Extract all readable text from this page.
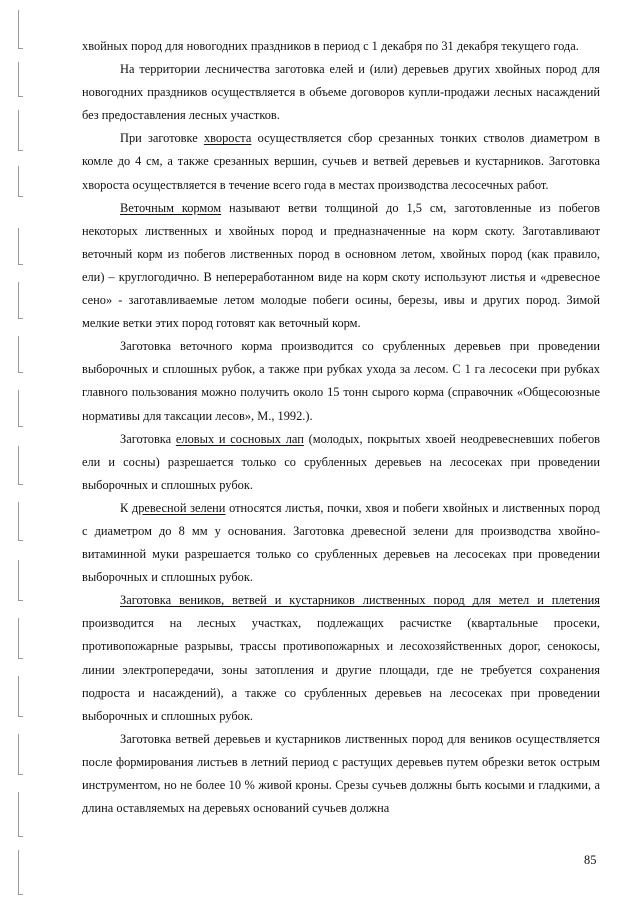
хвойных пород для новогодних праздников в период с 1 декабря по 31 декабря текущего года.

На территории лесничества заготовка елей и (или) деревьев других хвойных пород для новогодних праздников осуществляется в объеме договоров купли-продажи лесных насаждений без предоставления лесных участков.

При заготовке хвороста осуществляется сбор срезанных тонких стволов диаметром в комле до 4 см, а также срезанных вершин, сучьев и ветвей деревьев и кустарников. Заготовка хвороста осуществляется в течение всего года в местах производства лесосечных работ.

Веточным кормом называют ветви толщиной до 1,5 см, заготовленные из побегов некоторых лиственных и хвойных пород и предназначенные на корм скоту. Заготавливают веточный корм из побегов лиственных пород в основном летом, хвойных пород (как правило, ели) – круглогодично. В непереработанном виде на корм скоту используют листья и «древесное сено» - заготавливаемые летом молодые побеги осины, березы, ивы и других пород. Зимой мелкие ветки этих пород готовят как веточный корм.

Заготовка веточного корма производится со срубленных деревьев при проведении выборочных и сплошных рубок, а также при рубках ухода за лесом. С 1 га лесосеки при рубках главного пользования можно получить около 15 тонн сырого корма (справочник «Общесоюзные нормативы для таксации лесов», М., 1992.).

Заготовка еловых и сосновых лап (молодых, покрытых хвоей неодревесневших побегов ели и сосны) разрешается только со срубленных деревьев на лесосеках при проведении выборочных и сплошных рубок.

К древесной зелени относятся листья, почки, хвоя и побеги хвойных и лиственных пород с диаметром до 8 мм у основания. Заготовка древесной зелени для производства хвойно-витаминной муки разрешается только со срубленных деревьев на лесосеках при проведении выборочных и сплошных рубок.

Заготовка веников, ветвей и кустарников лиственных пород для метел и плетения производится на лесных участках, подлежащих расчистке (квартальные просеки, противопожарные разрывы, трассы противопожарных и лесохозяйственных дорог, сенокосы, линии электропередачи, зоны затопления и другие площади, где не требуется сохранения подроста и насаждений), а также со срубленных деревьев на лесосеках при проведении выборочных и сплошных рубок.

Заготовка ветвей деревьев и кустарников лиственных пород для веников осуществляется после формирования листьев в летний период с растущих деревьев путем обрезки веток острым инструментом, но не более 10 % живой кроны. Срезы сучьев должны быть косыми и гладкими, а длина оставляемых на деревьях оснований сучьев должна

85
